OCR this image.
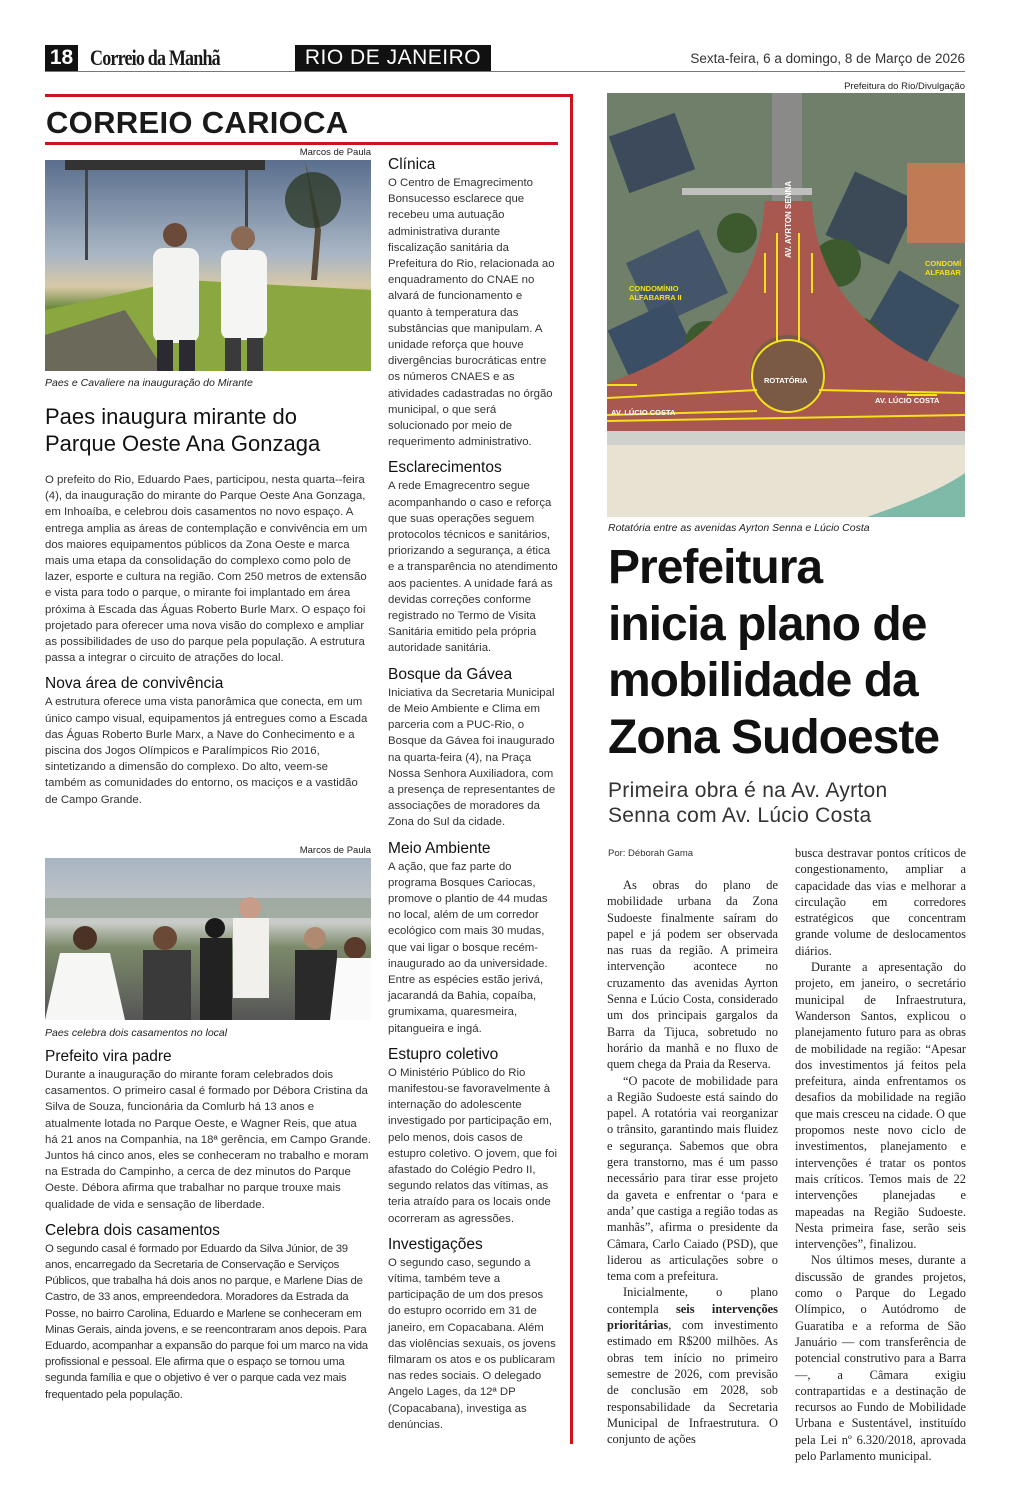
18 Correio da Manhã	RIO DE JANEIRO	Sexta-feira, 6 a domingo, 8 de Março de 2026
CORREIO CARIOCA
Marcos de Paula
Paes e Cavaliere na inauguração do Mirante
Paes inaugura mirante do Parque Oeste Ana Gonzaga

O prefeito do Rio, Eduardo Paes, participou, nesta quarta--feira (4), da inauguração do mirante do Parque Oeste Ana Gonzaga, em Inhoaíba, e celebrou dois casamentos no novo espaço. A entrega amplia as áreas de contemplação e convivência em um dos maiores equipamentos públicos da Zona Oeste e marca mais uma etapa da consolidação do complexo como polo de lazer, esporte e cultura na região. Com 250 metros de extensão e vista para todo o parque, o mirante foi implantado em área próxima à Escada das Águas Roberto Burle Marx. O espaço foi projetado para oferecer uma nova visão do complexo e ampliar as possibilidades de uso do parque pela população. A estrutura passa a integrar o circuito de atrações do local.

Nova área de convivência

A estrutura oferece uma vista panorâmica que conecta, em um único campo visual, equipamentos já entregues como a Escada das Águas Roberto Burle Marx, a Nave do Conhecimento e a piscina dos Jogos Olímpicos e Paralímpicos Rio 2016, sintetizando a dimensão do complexo. Do alto, veem-se também as comunidades do entorno, os maciços e a vastidão de Campo Grande.

Marcos de Paula
Paes celebra dois casamentos no local
Prefeito vira padre

Durante a inauguração do mirante foram celebrados dois casamentos. O primeiro casal é formado por Débora Cristina da Silva de Souza, funcionária da Comlurb há 13 anos e atualmente lotada no Parque Oeste, e Wagner Reis, que atua há 21 anos na Companhia, na 18ª gerência, em Campo Grande. Juntos há cinco anos, eles se conheceram no trabalho e moram na Estrada do Campinho, a cerca de dez minutos do Parque Oeste. Débora afirma que trabalhar no parque trouxe mais qualidade de vida e sensação de liberdade.

Celebra dois casamentos

O segundo casal é formado por Eduardo da Silva Júnior, de 39 anos, encarregado da Secretaria de Conservação e Serviços Públicos, que trabalha há dois anos no parque, e Marlene Dias de Castro, de 33 anos, empreendedora. Moradores da Estrada da Posse, no bairro Carolina, Eduardo e Marlene se conheceram em Minas Gerais, ainda jovens, e se reencontraram anos depois. Para Eduardo, acompanhar a expansão do parque foi um marco na vida profissional e pessoal. Ele afirma que o espaço se tornou uma segunda família e que o objetivo é ver o parque cada vez mais frequentado pela população.

Clínica

O Centro de Emagrecimento Bonsucesso esclarece que recebeu uma autuação administrativa durante fiscalização sanitária da Prefeitura do Rio, relacionada ao enquadramento do CNAE no alvará de funcionamento e quanto à temperatura das substâncias que manipulam. A unidade reforça que houve divergências burocráticas entre os números CNAES e as atividades cadastradas no órgão municipal, o que será solucionado por meio de requerimento administrativo.

Esclarecimentos

A rede Emagrecentro segue acompanhando o caso e reforça que suas operações seguem protocolos técnicos e sanitários, priorizando a segurança, a ética e a transparência no atendimento aos pacientes. A unidade fará as devidas correções conforme registrado no Termo de Visita Sanitária emitido pela própria autoridade sanitária.

Bosque da Gávea

Iniciativa da Secretaria Municipal de Meio Ambiente e Clima em parceria com a PUC-Rio, o Bosque da Gávea foi inaugurado na quarta-feira (4), na Praça Nossa Senhora Auxiliadora, com a presença de representantes de associações de moradores da Zona do Sul da cidade.

Meio Ambiente

A ação, que faz parte do programa Bosques Cariocas, promove o plantio de 44 mudas no local, além de um corredor ecológico com mais 30 mudas, que vai ligar o bosque recém-inaugurado ao da universidade. Entre as espécies estão jerivá, jacarandá da Bahia, copaíba, grumixama, quaresmeira, pitangueira e ingá.

Estupro coletivo

O Ministério Público do Rio manifestou-se favoravelmente à internação do adolescente investigado por participação em, pelo menos, dois casos de estupro coletivo. O jovem, que foi afastado do Colégio Pedro II, segundo relatos das vítimas, as teria atraído para os locais onde ocorreram as agressões.

Investigações

O segundo caso, segundo a vítima, também teve a participação de um dos presos do estupro ocorrido em 31 de janeiro, em Copacabana. Além das violências sexuais, os jovens filmaram os atos e os publicaram nas redes sociais. O delegado Angelo Lages, da 12ª DP (Copacabana), investiga as denúncias.

Prefeitura do Rio/Divulgação
AV. AYRTON SENNA
CONDOMÍNIO
ALFABARRA II
CONDOMÍ
ALFABAR
ROTATÓRIA
AV. LÚCIO COSTA
AV. LÚCIO COSTA
Rotatória entre as avenidas Ayrton Senna e Lúcio Costa
Prefeitura
inicia plano de
mobilidade da
Zona Sudoeste
Primeira obra é na Av. Ayrton Senna com Av. Lúcio Costa
Por: Déborah Gama

As obras do plano de mobilidade urbana da Zona Sudoeste finalmente saíram do papel e já podem ser observada nas ruas da região. A primeira intervenção acontece no cruzamento das avenidas Ayrton Senna e Lúcio Costa, considerado um dos principais gargalos da Barra da Tijuca, sobretudo no horário da manhã e no fluxo de quem chega da Praia da Reserva.

“O pacote de mobilidade para a Região Sudoeste está saindo do papel. A rotatória vai reorganizar o trânsito, garantindo mais fluidez e segurança. Sabemos que obra gera transtorno, mas é um passo necessário para tirar esse projeto da gaveta e enfrentar o ‘para e anda’ que castiga a região todas as manhãs”, afirma o presidente da Câmara, Carlo Caiado (PSD), que liderou as articulações sobre o tema com a prefeitura.

Inicialmente, o plano contempla seis intervenções prioritárias, com investimento estimado em R$200 milhões. As obras tem início no primeiro semestre de 2026, com previsão de conclusão em 2028, sob responsabilidade da Secretaria Municipal de Infraestrutura. O conjunto de ações

busca destravar pontos críticos de congestionamento, ampliar a capacidade das vias e melhorar a circulação em corredores estratégicos que concentram grande volume de deslocamentos diários.

Durante a apresentação do projeto, em janeiro, o secretário municipal de Infraestrutura, Wanderson Santos, explicou o planejamento futuro para as obras de mobilidade na região: “Apesar dos investimentos já feitos pela prefeitura, ainda enfrentamos os desafios da mobilidade na região que mais cresceu na cidade. O que propomos neste novo ciclo de investimentos, planejamento e intervenções é tratar os pontos mais críticos. Temos mais de 22 intervenções planejadas e mapeadas na Região Sudoeste. Nesta primeira fase, serão seis intervenções”, finalizou.

Nos últimos meses, durante a discussão de grandes projetos, como o Parque do Legado Olímpico, o Autódromo de Guaratiba e a reforma de São Januário — com transferência de potencial construtivo para a Barra —, a Câmara exigiu contrapartidas e a destinação de recursos ao Fundo de Mobilidade Urbana e Sustentável, instituído pela Lei nº 6.320/2018, aprovada pelo Parlamento municipal.
